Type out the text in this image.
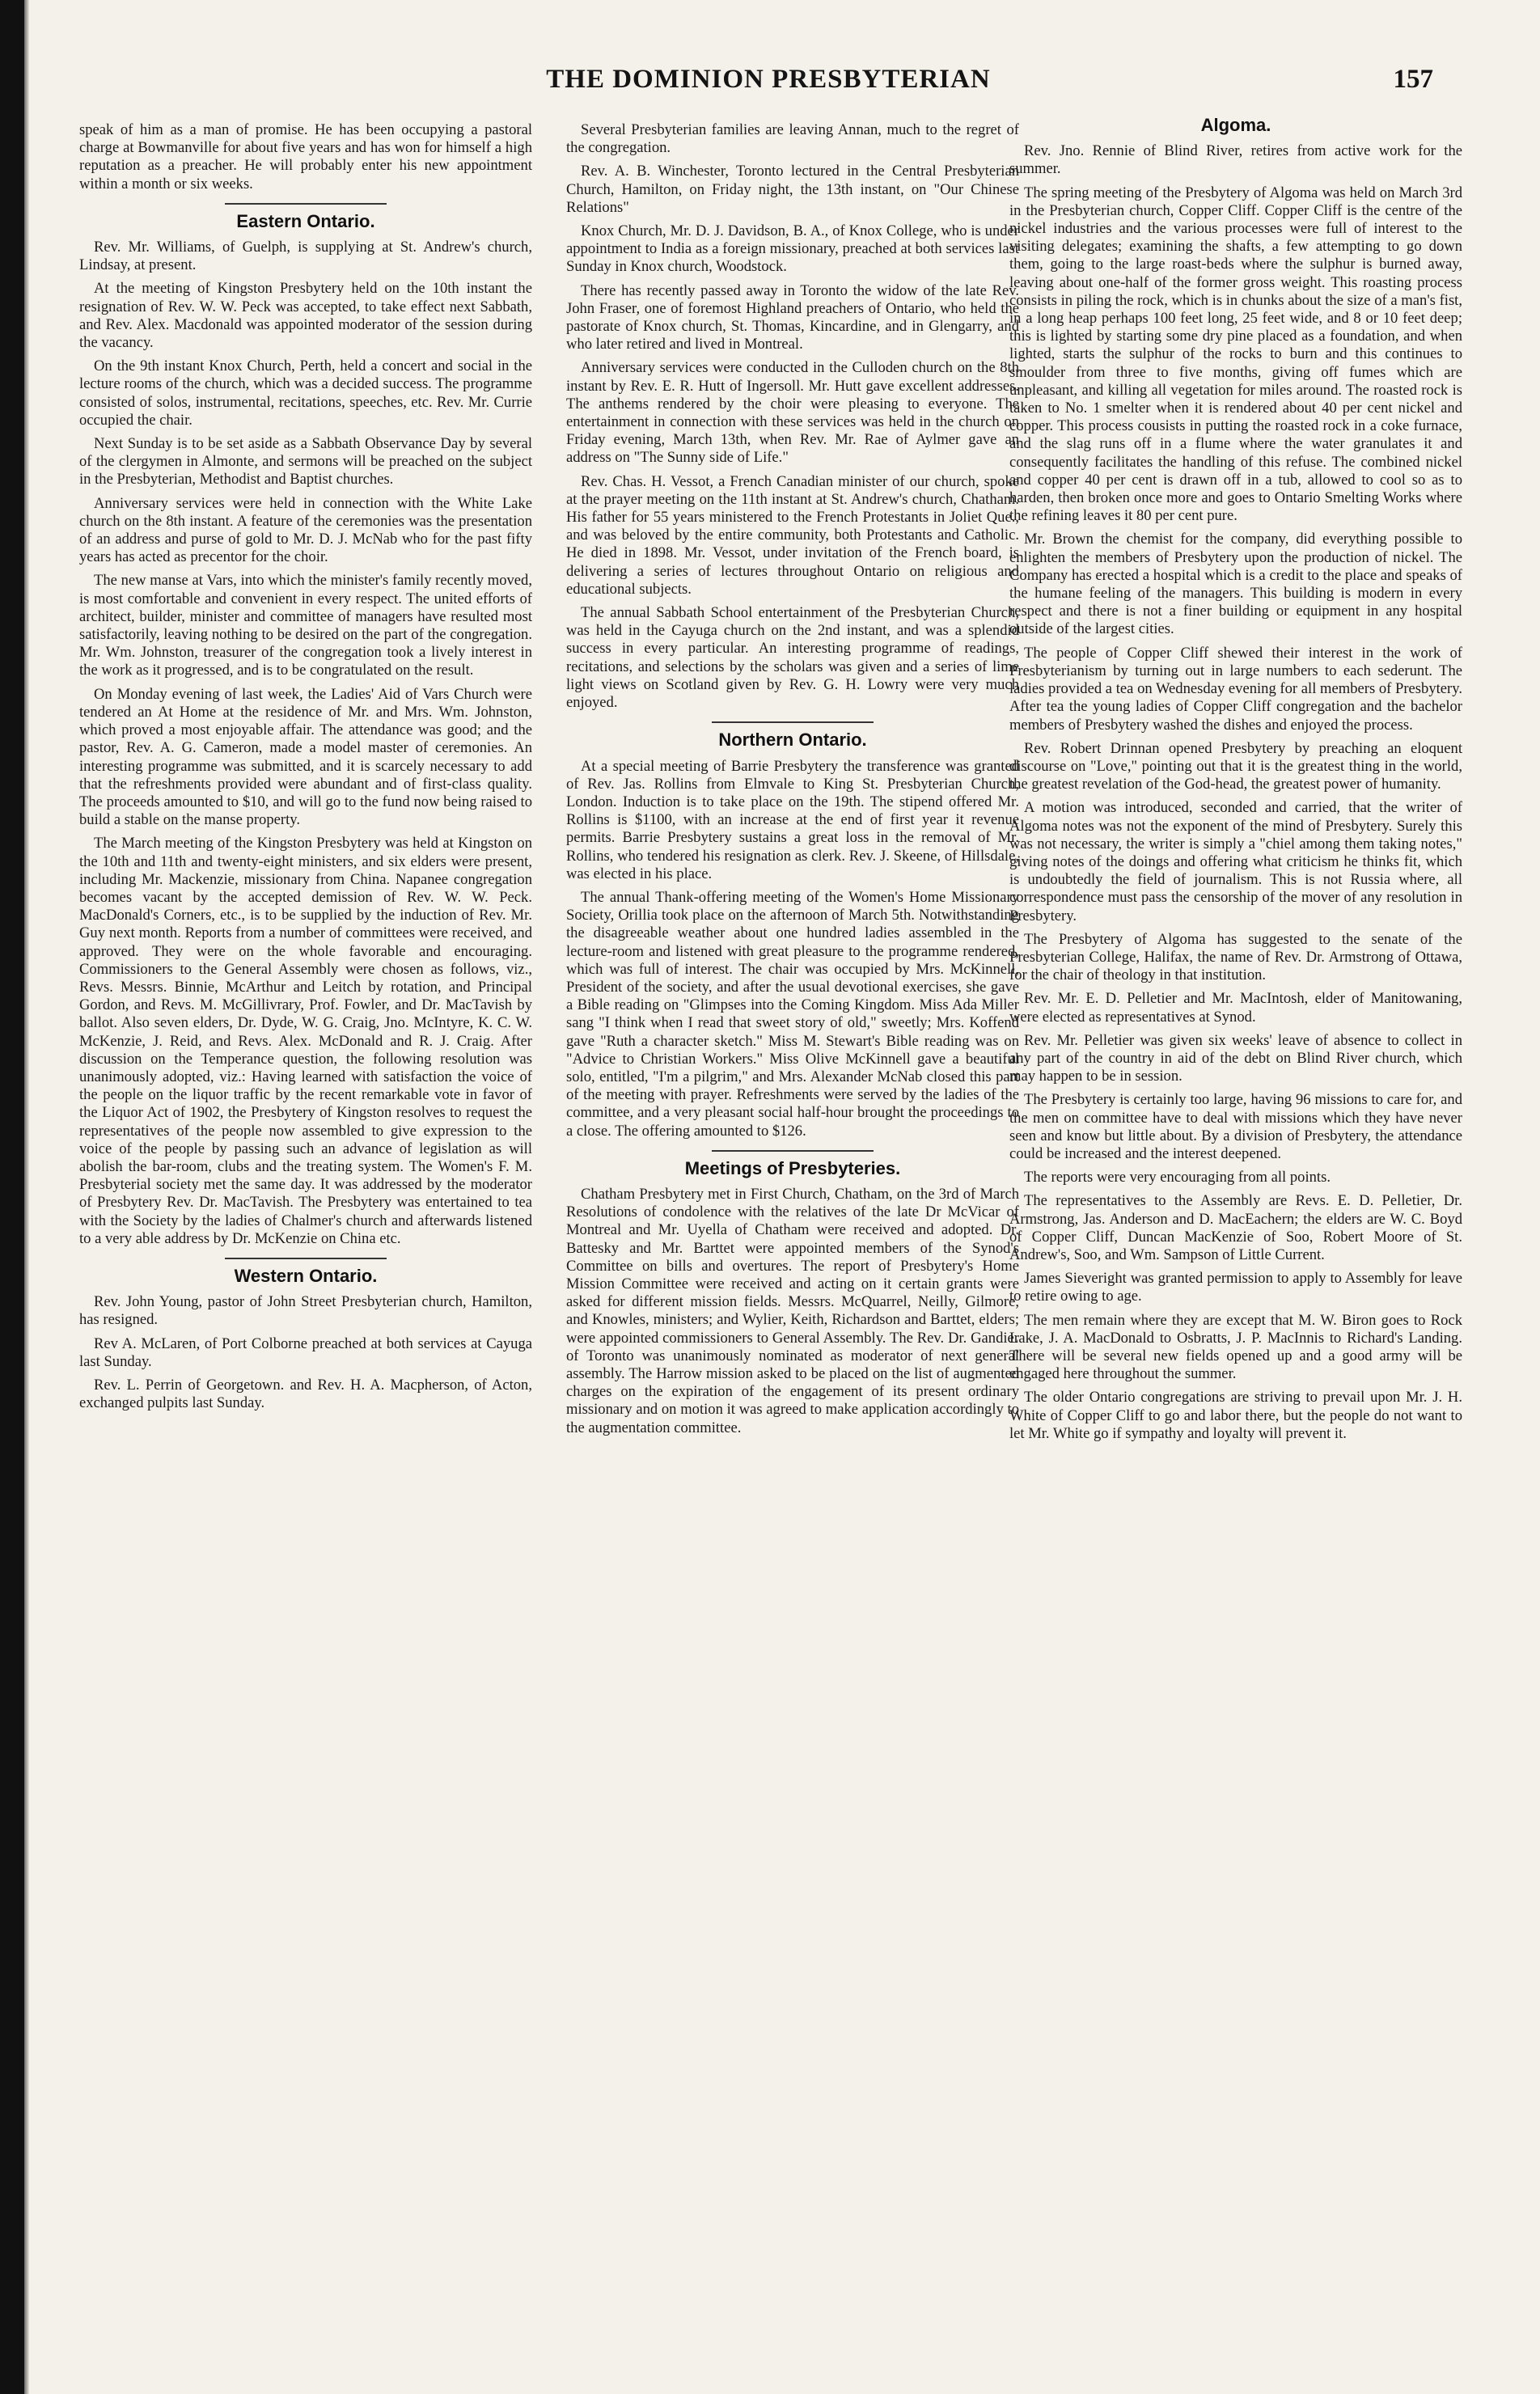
THE DOMINION PRESBYTERIAN	157

speak of him as a man of promise. He has been occupying a pastoral charge at Bowmanville for about five years and has won for himself a high reputation as a preacher. He will probably enter his new appointment within a month or six weeks.

Eastern Ontario.

Rev. Mr. Williams, of Guelph, is supplying at St. Andrew's church, Lindsay, at present.

At the meeting of Kingston Presbytery held on the 10th instant the resignation of Rev. W. W. Peck was accepted, to take effect next Sabbath, and Rev. Alex. Macdonald was appointed moderator of the session during the vacancy.

On the 9th instant Knox Church, Perth, held a concert and social in the lecture rooms of the church, which was a decided success. The programme consisted of solos, instrumental, recitations, speeches, etc. Rev. Mr. Currie occupied the chair.

Next Sunday is to be set aside as a Sabbath Observance Day by several of the clergymen in Almonte, and sermons will be preached on the subject in the Presbyterian, Methodist and Baptist churches.

Anniversary services were held in connection with the White Lake church on the 8th instant. A feature of the ceremonies was the presentation of an address and purse of gold to Mr. D. J. McNab who for the past fifty years has acted as precentor for the choir.

The new manse at Vars, into which the minister's family recently moved, is most comfortable and convenient in every respect. The united efforts of architect, builder, minister and committee of managers have resulted most satisfactorily, leaving nothing to be desired on the part of the congregation. Mr. Wm. Johnston, treasurer of the congregation took a lively interest in the work as it progressed, and is to be congratulated on the result.

On Monday evening of last week, the Ladies' Aid of Vars Church were tendered an At Home at the residence of Mr. and Mrs. Wm. Johnston, which proved a most enjoyable affair. The attendance was good; and the pastor, Rev. A. G. Cameron, made a model master of ceremonies. An interesting programme was submitted, and it is scarcely necessary to add that the refreshments provided were abundant and of first-class quality. The proceeds amounted to $10, and will go to the fund now being raised to build a stable on the manse property.

The March meeting of the Kingston Presbytery was held at Kingston on the 10th and 11th and twenty-eight ministers, and six elders were present, including Mr. Mackenzie, missionary from China. Napanee congregation becomes vacant by the accepted demission of Rev. W. W. Peck. MacDonald's Corners, etc., is to be supplied by the induction of Rev. Mr. Guy next month. Reports from a number of committees were received, and approved. They were on the whole favorable and encouraging. Commissioners to the General Assembly were chosen as follows, viz., Revs. Messrs. Binnie, McArthur and Leitch by rotation, and Principal Gordon, and Revs. M. McGillivrary, Prof. Fowler, and Dr. MacTavish by ballot. Also seven elders, Dr. Dyde, W. G. Craig, Jno. McIntyre, K. C. W. McKenzie, J. Reid, and Revs. Alex. McDonald and R. J. Craig. After discussion on the Temperance question, the following resolution was unanimously adopted, viz.: Having learned with satisfaction the voice of the people on the liquor traffic by the recent remarkable vote in favor of the Liquor Act of 1902, the Presbytery of Kingston resolves to request the representatives of the people now assembled to give expression to the voice of the people by passing such an advance of legislation as will abolish the bar-room, clubs and the treating system. The Women's F. M. Presbyterial society met the same day. It was addressed by the moderator of Presbytery Rev. Dr. MacTavish. The Presbytery was entertained to tea with the Society by the ladies of Chalmer's church and afterwards listened to a very able address by Dr. McKenzie on China etc.

Western Ontario.

Rev. John Young, pastor of John Street Presbyterian church, Hamilton, has resigned.

Rev A. McLaren, of Port Colborne preached at both services at Cayuga last Sunday.

Rev. L. Perrin of Georgetown. and Rev. H. A. Macpherson, of Acton, exchanged pulpits last Sunday.

Several Presbyterian families are leaving Annan, much to the regret of the congregation.

Rev. A. B. Winchester, Toronto lectured in the Central Presbyterian Church, Hamilton, on Friday night, the 13th instant, on "Our Chinese Relations"

Knox Church, Mr. D. J. Davidson, B. A., of Knox College, who is under appointment to India as a foreign missionary, preached at both services last Sunday in Knox church, Woodstock.

There has recently passed away in Toronto the widow of the late Rev. John Fraser, one of foremost Highland preachers of Ontario, who held the pastorate of Knox church, St. Thomas, Kincardine, and in Glengarry, and who later retired and lived in Montreal.

Anniversary services were conducted in the Culloden church on the 8th instant by Rev. E. R. Hutt of Ingersoll. Mr. Hutt gave excellent addresses. The anthems rendered by the choir were pleasing to everyone. The entertainment in connection with these services was held in the church on Friday evening, March 13th, when Rev. Mr. Rae of Aylmer gave an address on "The Sunny side of Life."

Rev. Chas. H. Vessot, a French Canadian minister of our church, spoke at the prayer meeting on the 11th instant at St. Andrew's church, Chatham. His father for 55 years ministered to the French Protestants in Joliet Que., and was beloved by the entire community, both Protestants and Catholic. He died in 1898. Mr. Vessot, under invitation of the French board, is delivering a series of lectures throughout Ontario on religious and educational subjects.

The annual Sabbath School entertainment of the Presbyterian Church, was held in the Cayuga church on the 2nd instant, and was a splendid success in every particular. An interesting programme of readings, recitations, and selections by the scholars was given and a series of lime light views on Scotland given by Rev. G. H. Lowry were very much enjoyed.

Northern Ontario.

At a special meeting of Barrie Presbytery the transference was granted of Rev. Jas. Rollins from Elmvale to King St. Presbyterian Church, London. Induction is to take place on the 19th. The stipend offered Mr. Rollins is $1100, with an increase at the end of first year it revenue permits. Barrie Presbytery sustains a great loss in the removal of Mr. Rollins, who tendered his resignation as clerk. Rev. J. Skeene, of Hillsdale, was elected in his place.

The annual Thank-offering meeting of the Women's Home Missionary Society, Orillia took place on the afternoon of March 5th. Notwithstanding the disagreeable weather about one hundred ladies assembled in the lecture-room and listened with great pleasure to the programme rendered, which was full of interest. The chair was occupied by Mrs. McKinnell, President of the society, and after the usual devotional exercises, she gave a Bible reading on "Glimpses into the Coming Kingdom. Miss Ada Miller sang "I think when I read that sweet story of old," sweetly; Mrs. Koffend gave "Ruth a character sketch." Miss M. Stewart's Bible reading was on "Advice to Christian Workers." Miss Olive McKinnell gave a beautiful solo, entitled, "I'm a pilgrim," and Mrs. Alexander McNab closed this part of the meeting with prayer. Refreshments were served by the ladies of the committee, and a very pleasant social half-hour brought the proceedings to a close. The offering amounted to $126.

Meetings of Presbyteries.

Chatham Presbytery met in First Church, Chatham, on the 3rd of March Resolutions of condolence with the relatives of the late Dr McVicar of Montreal and Mr. Uyella of Chatham were received and adopted. Dr. Battesky and Mr. Barttet were appointed members of the Synod's Committee on bills and overtures. The report of Presbytery's Home Mission Committee were received and acting on it certain grants were asked for different mission fields. Messrs. McQuarrel, Neilly, Gilmore, and Knowles, ministers; and Wylier, Keith, Richardson and Barttet, elders; were appointed commissioners to General Assembly. The Rev. Dr. Gandier of Toronto was unanimously nominated as moderator of next general assembly. The Harrow mission asked to be placed on the list of augmented charges on the expiration of the engagement of its present ordinary missionary and on motion it was agreed to make application accordingly to the augmentation committee.

Algoma.

Rev. Jno. Rennie of Blind River, retires from active work for the summer.

The spring meeting of the Presbytery of Algoma was held on March 3rd in the Presbyterian church, Copper Cliff. Copper Cliff is the centre of the nickel industries and the various processes were full of interest to the visiting delegates; examining the shafts, a few attempting to go down them, going to the large roast-beds where the sulphur is burned away, leaving about one-half of the former gross weight. This roasting process consists in piling the rock, which is in chunks about the size of a man's fist, in a long heap perhaps 100 feet long, 25 feet wide, and 8 or 10 feet deep; this is lighted by starting some dry pine placed as a foundation, and when lighted, starts the sulphur of the rocks to burn and this continues to smoulder from three to five months, giving off fumes which are unpleasant, and killing all vegetation for miles around. The roasted rock is taken to No. 1 smelter when it is rendered about 40 per cent nickel and copper. This process cousists in putting the roasted rock in a coke furnace, and the slag runs off in a flume where the water granulates it and consequently facilitates the handling of this refuse. The combined nickel and copper 40 per cent is drawn off in a tub, allowed to cool so as to harden, then broken once more and goes to Ontario Smelting Works where the refining leaves it 80 per cent pure.

Mr. Brown the chemist for the company, did everything possible to enlighten the members of Presbytery upon the production of nickel. The Company has erected a hospital which is a credit to the place and speaks of the humane feeling of the managers. This building is modern in every respect and there is not a finer building or equipment in any hospital outside of the largest cities.

The people of Copper Cliff shewed their interest in the work of Presbyterianism by turning out in large numbers to each sederunt. The ladies provided a tea on Wednesday evening for all members of Presbytery. After tea the young ladies of Copper Cliff congregation and the bachelor members of Presbytery washed the dishes and enjoyed the process.

Rev. Robert Drinnan opened Presbytery by preaching an eloquent discourse on "Love," pointing out that it is the greatest thing in the world, the greatest revelation of the God-head, the greatest power of humanity.

A motion was introduced, seconded and carried, that the writer of Algoma notes was not the exponent of the mind of Presbytery. Surely this was not necessary, the writer is simply a "chiel among them taking notes," giving notes of the doings and offering what criticism he thinks fit, which is undoubtedly the field of journalism. This is not Russia where, all correspondence must pass the censorship of the mover of any resolution in Presbytery.

The Presbytery of Algoma has suggested to the senate of the Presbyterian College, Halifax, the name of Rev. Dr. Armstrong of Ottawa, for the chair of theology in that institution.

Rev. Mr. E. D. Pelletier and Mr. MacIntosh, elder of Manitowaning, were elected as representatives at Synod.

Rev. Mr. Pelletier was given six weeks' leave of absence to collect in any part of the country in aid of the debt on Blind River church, which may happen to be in session.

The Presbytery is certainly too large, having 96 missions to care for, and the men on committee have to deal with missions which they have never seen and know but little about. By a division of Presbytery, the attendance could be increased and the interest deepened.

The reports were very encouraging from all points.

The representatives to the Assembly are Revs. E. D. Pelletier, Dr. Armstrong, Jas. Anderson and D. MacEachern; the elders are W. C. Boyd of Copper Cliff, Duncan MacKenzie of Soo, Robert Moore of St. Andrew's, Soo, and Wm. Sampson of Little Current.

James Sieveright was granted permission to apply to Assembly for leave to retire owing to age.

The men remain where they are except that M. W. Biron goes to Rock Lake, J. A. MacDonald to Osbratts, J. P. MacInnis to Richard's Landing. There will be several new fields opened up and a good army will be engaged here throughout the summer.

The older Ontario congregations are striving to prevail upon Mr. J. H. White of Copper Cliff to go and labor there, but the people do not want to let Mr. White go if sympathy and loyalty will prevent it.
